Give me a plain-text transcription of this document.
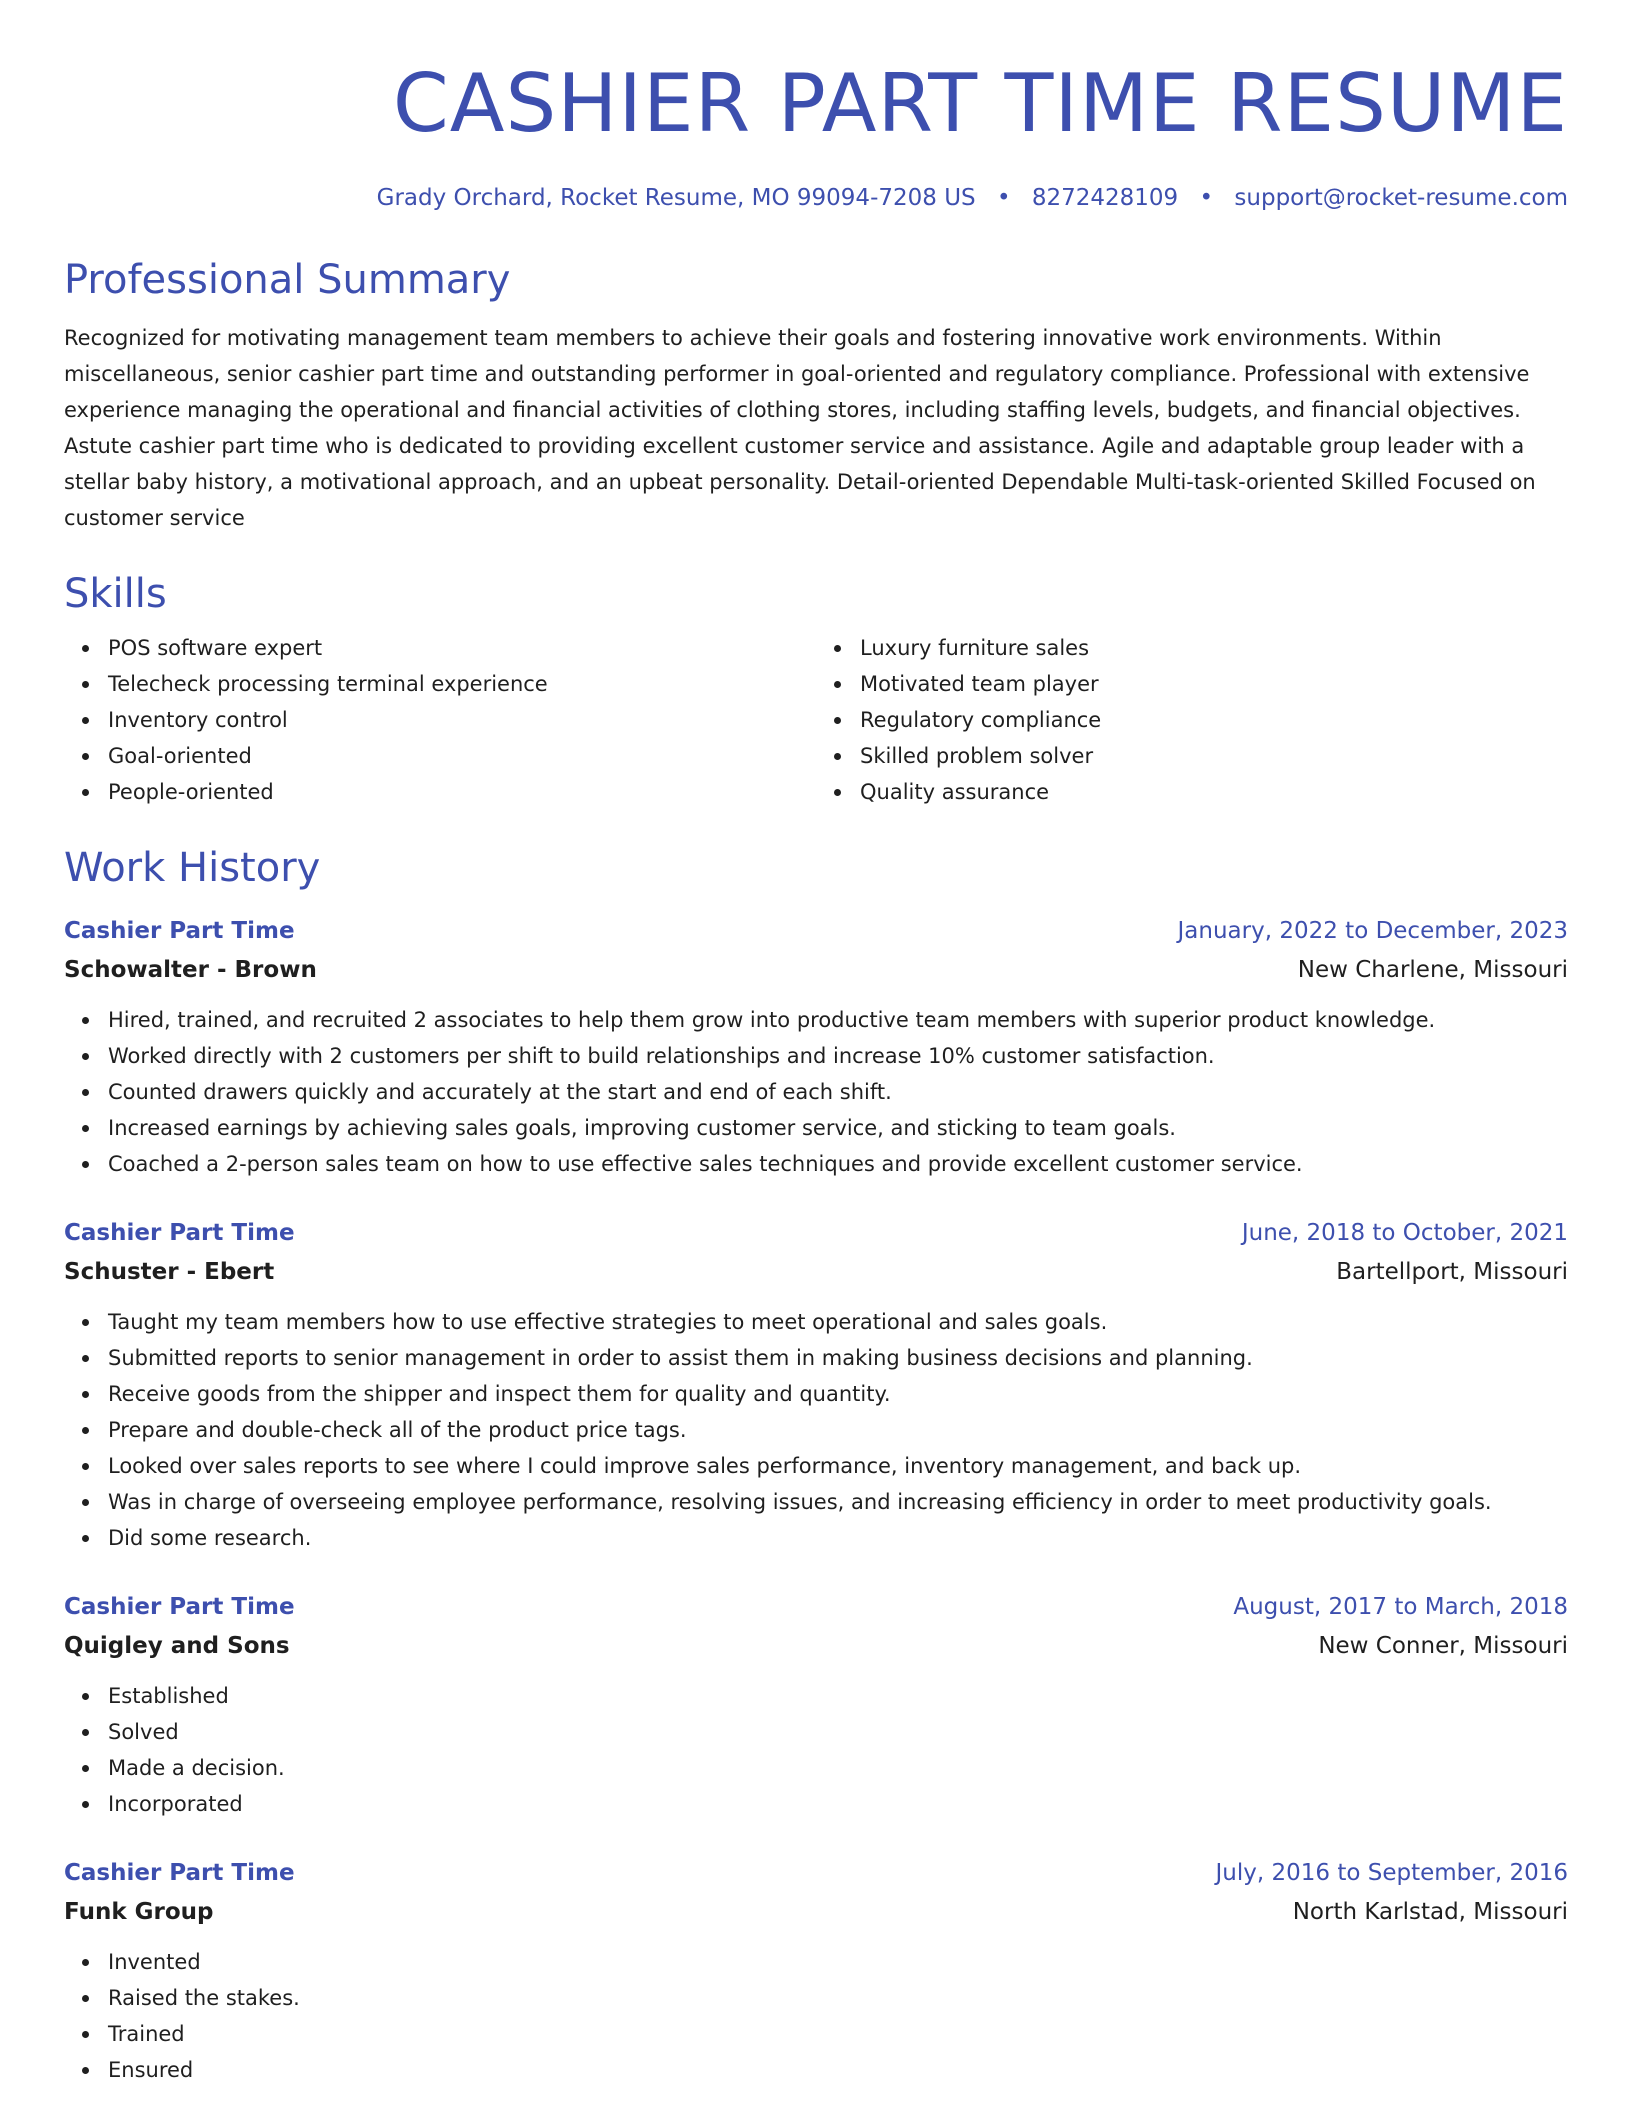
CASHIER PART TIME RESUME
Grady Orchard, Rocket Resume, MO 99094-7208 US • 8272428109 • support@rocket-resume.com
Professional Summary

Recognized for motivating management team members to achieve their goals and fostering innovative work environments. Within miscellaneous, senior cashier part time and outstanding performer in goal-oriented and regulatory compliance. Professional with extensive experience managing the operational and financial activities of clothing stores, including staffing levels, budgets, and financial objectives. Astute cashier part time who is dedicated to providing excellent customer service and assistance. Agile and adaptable group leader with a stellar baby history, a motivational approach, and an upbeat personality. Detail-oriented Dependable Multi-task-oriented Skilled Focused on customer service

Skills
POS software expert
Telecheck processing terminal experience
Inventory control
Goal-oriented
People-oriented
Luxury furniture sales
Motivated team player
Regulatory compliance
Skilled problem solver
Quality assurance
Work History
Cashier Part Time	January, 2022 to December, 2023
Schowalter - Brown	New Charlene, Missouri
Hired, trained, and recruited 2 associates to help them grow into productive team members with superior product knowledge.
Worked directly with 2 customers per shift to build relationships and increase 10% customer satisfaction.
Counted drawers quickly and accurately at the start and end of each shift.
Increased earnings by achieving sales goals, improving customer service, and sticking to team goals.
Coached a 2-person sales team on how to use effective sales techniques and provide excellent customer service.
Cashier Part Time	June, 2018 to October, 2021
Schuster - Ebert	Bartellport, Missouri
Taught my team members how to use effective strategies to meet operational and sales goals.
Submitted reports to senior management in order to assist them in making business decisions and planning.
Receive goods from the shipper and inspect them for quality and quantity.
Prepare and double-check all of the product price tags.
Looked over sales reports to see where I could improve sales performance, inventory management, and back up.
Was in charge of overseeing employee performance, resolving issues, and increasing efficiency in order to meet productivity goals.
Did some research.
Cashier Part Time	August, 2017 to March, 2018
Quigley and Sons	New Conner, Missouri
Established
Solved
Made a decision.
Incorporated
Cashier Part Time	July, 2016 to September, 2016
Funk Group	North Karlstad, Missouri
Invented
Raised the stakes.
Trained
Ensured
